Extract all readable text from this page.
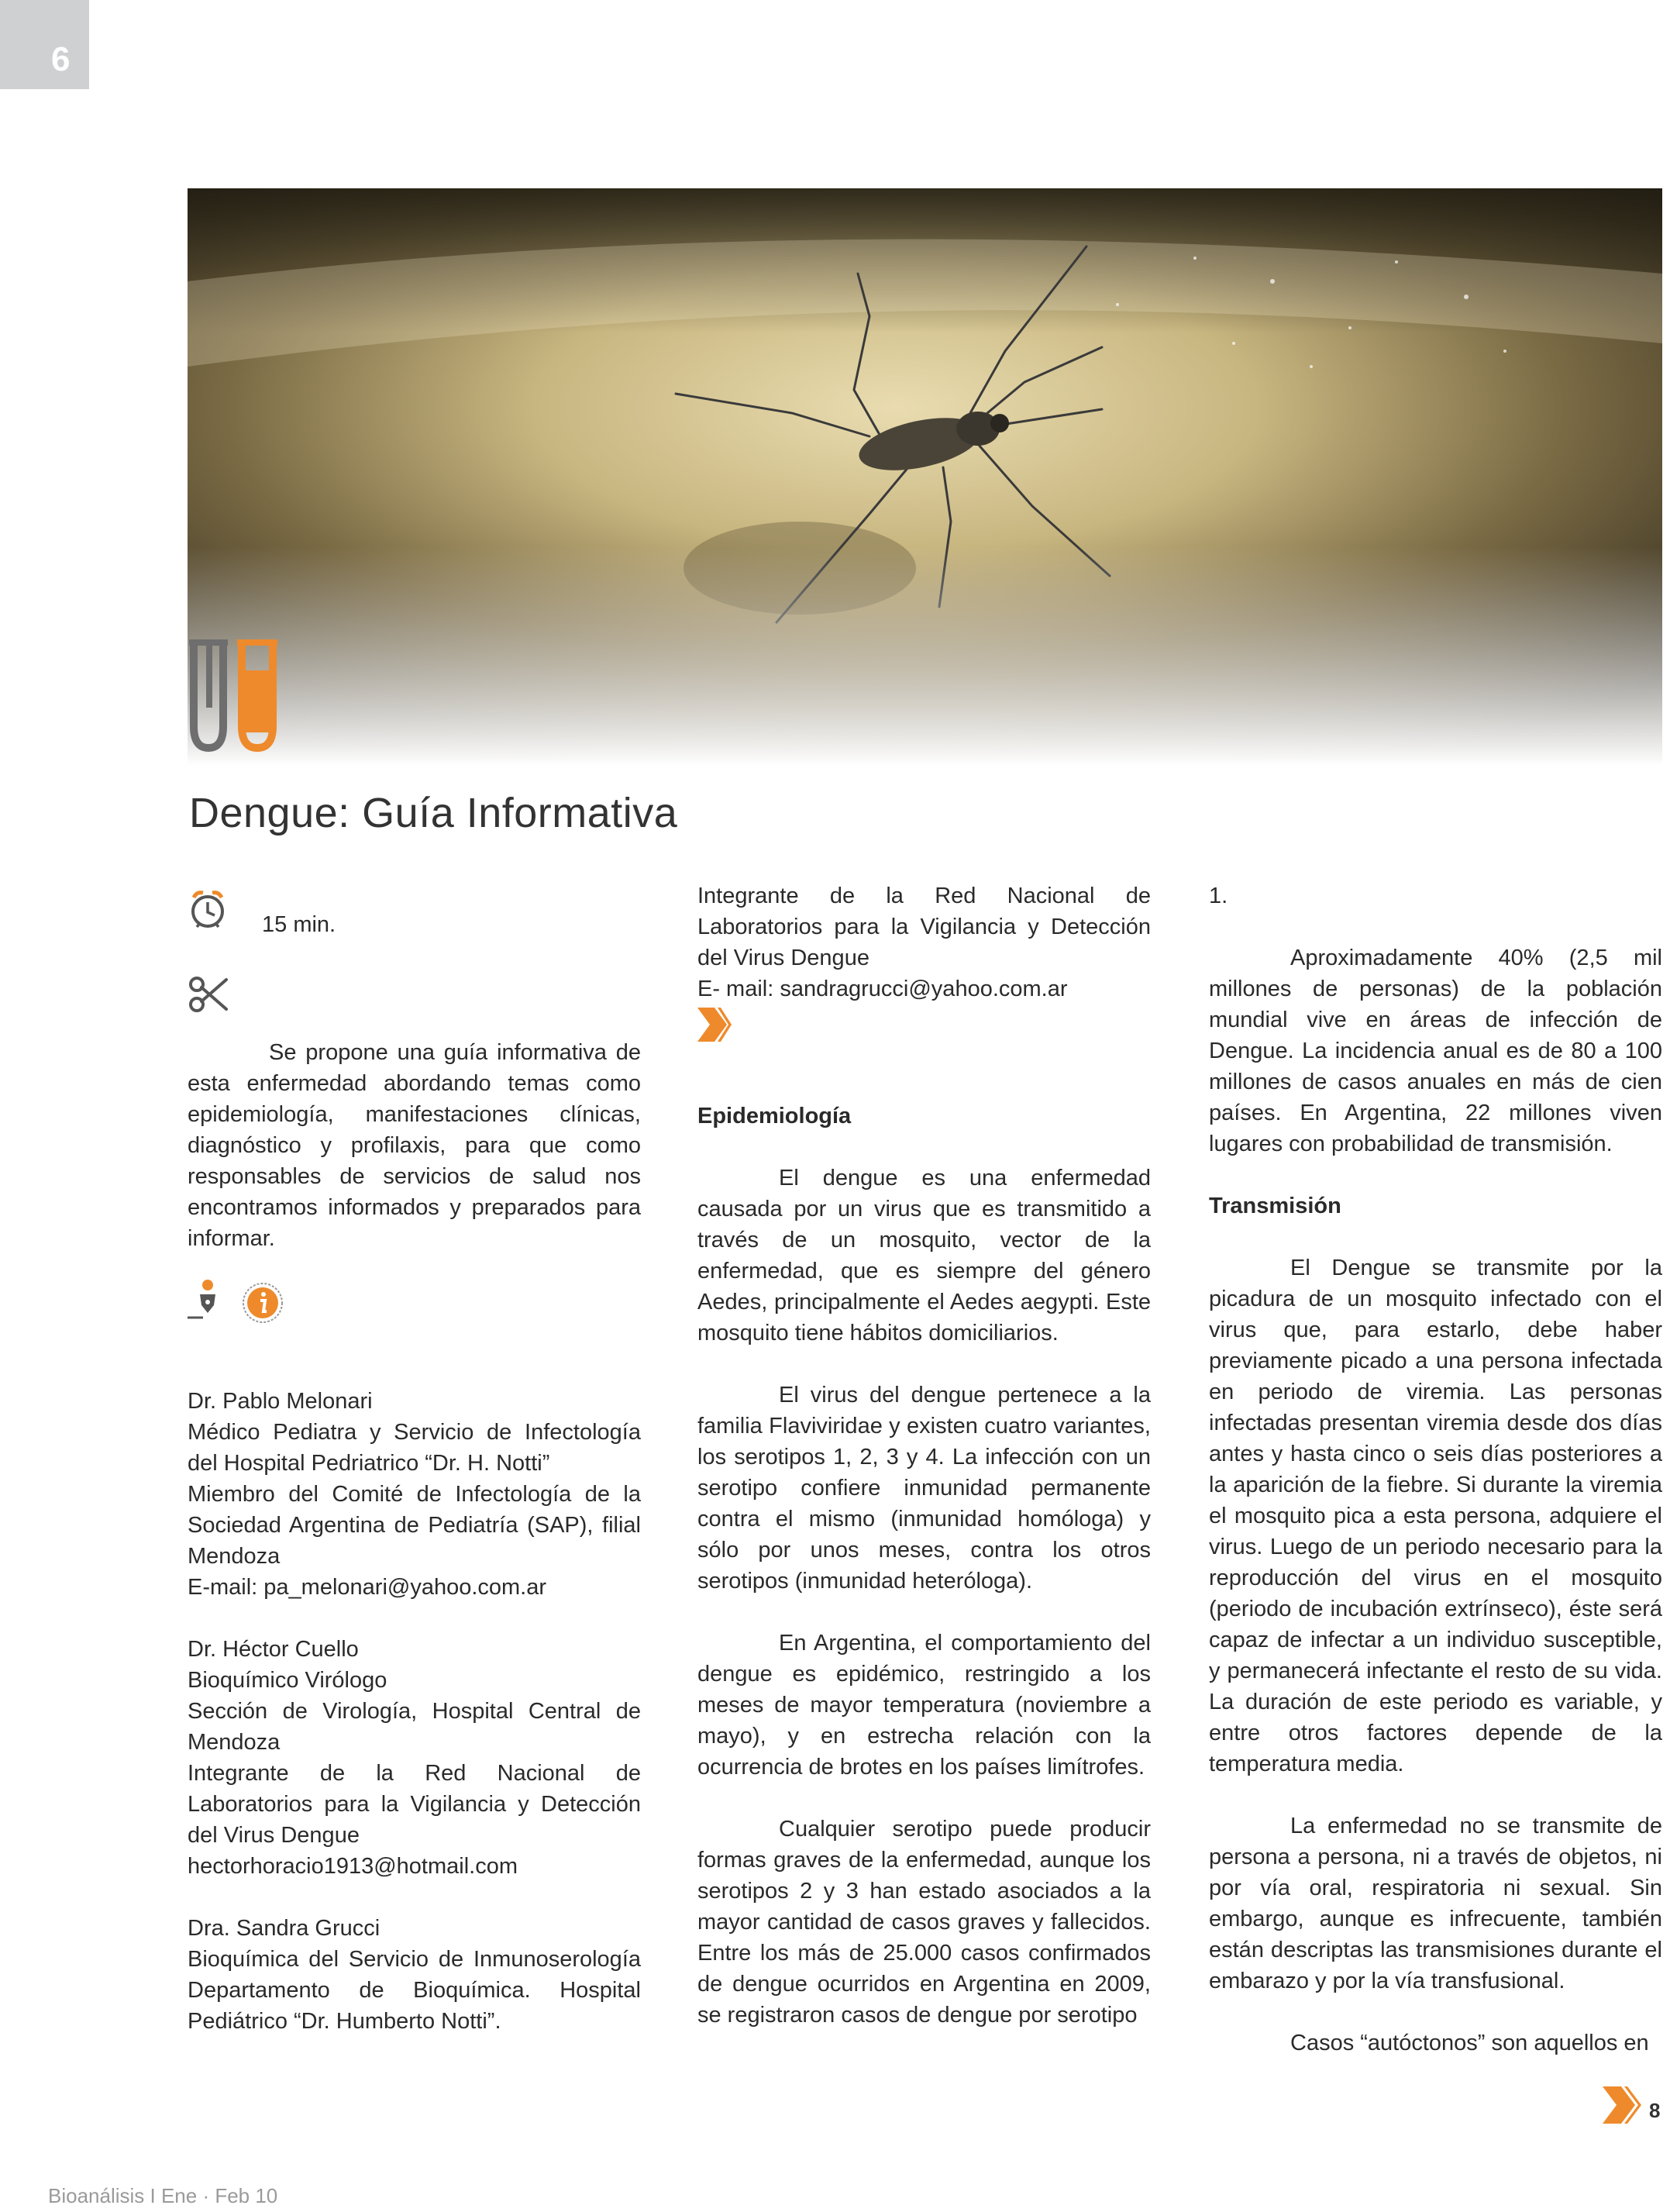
6
Dengue: Guía Informativa
15 min.

Se propone una guía informativa de esta enfermedad abordando temas como epidemiología, manifestaciones clínicas, diagnóstico y profilaxis, para que como responsables de servicios de salud nos encontramos informados y preparados para informar.

Dr. Pablo Melonari

Médico Pediatra y Servicio de Infectología del Hospital Pedriatrico “Dr. H. Notti”

Miembro del Comité de Infectología de la Sociedad Argentina de Pediatría (SAP), filial Mendoza

E-mail: pa_melonari@yahoo.com.ar

Dr. Héctor Cuello

Bioquímico Virólogo

Sección de Virología, Hospital Central de Mendoza

Integrante de la Red Nacional de Laboratorios para la Vigilancia y Detección del Virus Dengue

hectorhoracio1913@hotmail.com

Dra. Sandra Grucci

Bioquímica del Servicio de Inmunoserología Departamento de Bioquímica. Hospital Pediátrico “Dr. Humberto Notti”.

Integrante de la Red Nacional de Laboratorios para la Vigilancia y Detección del Virus Dengue

E- mail: sandragrucci@yahoo.com.ar

Epidemiología

El dengue es una enfermedad causada por un virus que es transmitido a través de un mosquito, vector de la enfermedad, que es siempre del género Aedes, principalmente el Aedes aegypti. Este mosquito tiene hábitos domiciliarios.

El virus del dengue pertenece a la familia Flaviviridae y existen cuatro variantes, los serotipos 1, 2, 3 y 4. La infección con un serotipo confiere inmunidad permanente contra el mismo (inmunidad homóloga) y sólo por unos meses, contra los otros serotipos (inmunidad heteróloga).

En Argentina, el comportamiento del dengue es epidémico, restringido a los meses de mayor temperatura (noviembre a mayo), y en estrecha relación con la ocurrencia de brotes en los países limítrofes.

Cualquier serotipo puede producir formas graves de la enfermedad, aunque los serotipos 2 y 3 han estado asociados a la mayor cantidad de casos graves y fallecidos. Entre los más de 25.000 casos confirmados de dengue ocurridos en Argentina en 2009, se registraron casos de dengue por serotipo

1.

Aproximadamente 40% (2,5 mil millones de personas) de la población mundial vive en áreas de infección de Dengue. La incidencia anual es de 80 a 100 millones de casos anuales en más de cien países. En Argentina, 22 millones viven lugares con probabilidad de transmisión.

Transmisión

El Dengue se transmite por la picadura de un mosquito infectado con el virus que, para estarlo, debe haber previamente picado a una persona infectada en periodo de viremia. Las personas infectadas presentan viremia desde dos días antes y hasta cinco o seis días posteriores a la aparición de la fiebre. Si durante la viremia el mosquito pica a esta persona, adquiere el virus. Luego de un periodo necesario para la reproducción del virus en el mosquito (periodo de incubación extrínseco), éste será capaz de infectar a un individuo susceptible, y permanecerá infectante el resto de su vida. La duración de este periodo es variable, y entre otros factores depende de la temperatura media.

La enfermedad no se transmite de persona a persona, ni a través de objetos, ni por vía oral, respiratoria ni sexual. Sin embargo, aunque es infrecuente, también están descriptas las transmisiones durante el embarazo y por la vía transfusional.

Casos “autóctonos” son aquellos en

8
Bioanálisis I Ene · Feb 10
